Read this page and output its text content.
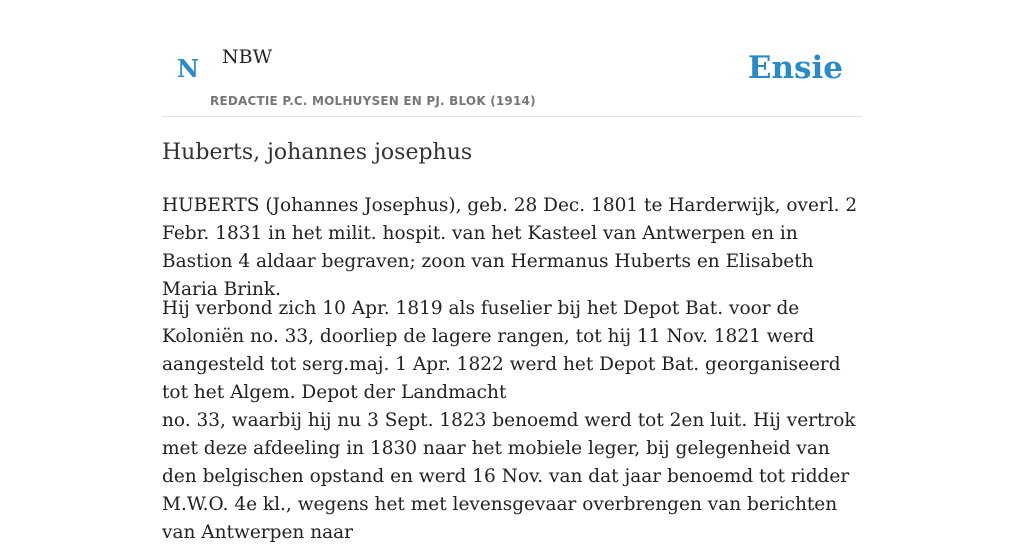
N NBW
REDACTIE P.C. MOLHUYSEN EN PJ. BLOK (1914)
Ensie
Huberts, johannes josephus

HUBERTS (Johannes Josephus), geb. 28 Dec. 1801 te Harderwijk, overl. 2 Febr. 1831 in het milit. hospit. van het Kasteel van Antwerpen en in Bastion 4 aldaar begraven; zoon van Hermanus Huberts en Elisabeth Maria Brink.

Hij verbond zich 10 Apr. 1819 als fuselier bij het Depot Bat. voor de Koloniën no. 33, doorliep de lagere rangen, tot hij 11 Nov. 1821 werd aangesteld tot serg.maj. 1 Apr. 1822 werd het Depot Bat. georganiseerd tot het Algem. Depot der Landmacht

no. 33, waarbij hij nu 3 Sept. 1823 benoemd werd tot 2en luit. Hij vertrok met deze afdeeling in 1830 naar het mobiele leger, bij gelegenheid van den belgischen opstand en werd 16 Nov. van dat jaar benoemd tot ridder M.W.O. 4e kl., wegens het met levensgevaar overbrengen van berichten van Antwerpen naar
